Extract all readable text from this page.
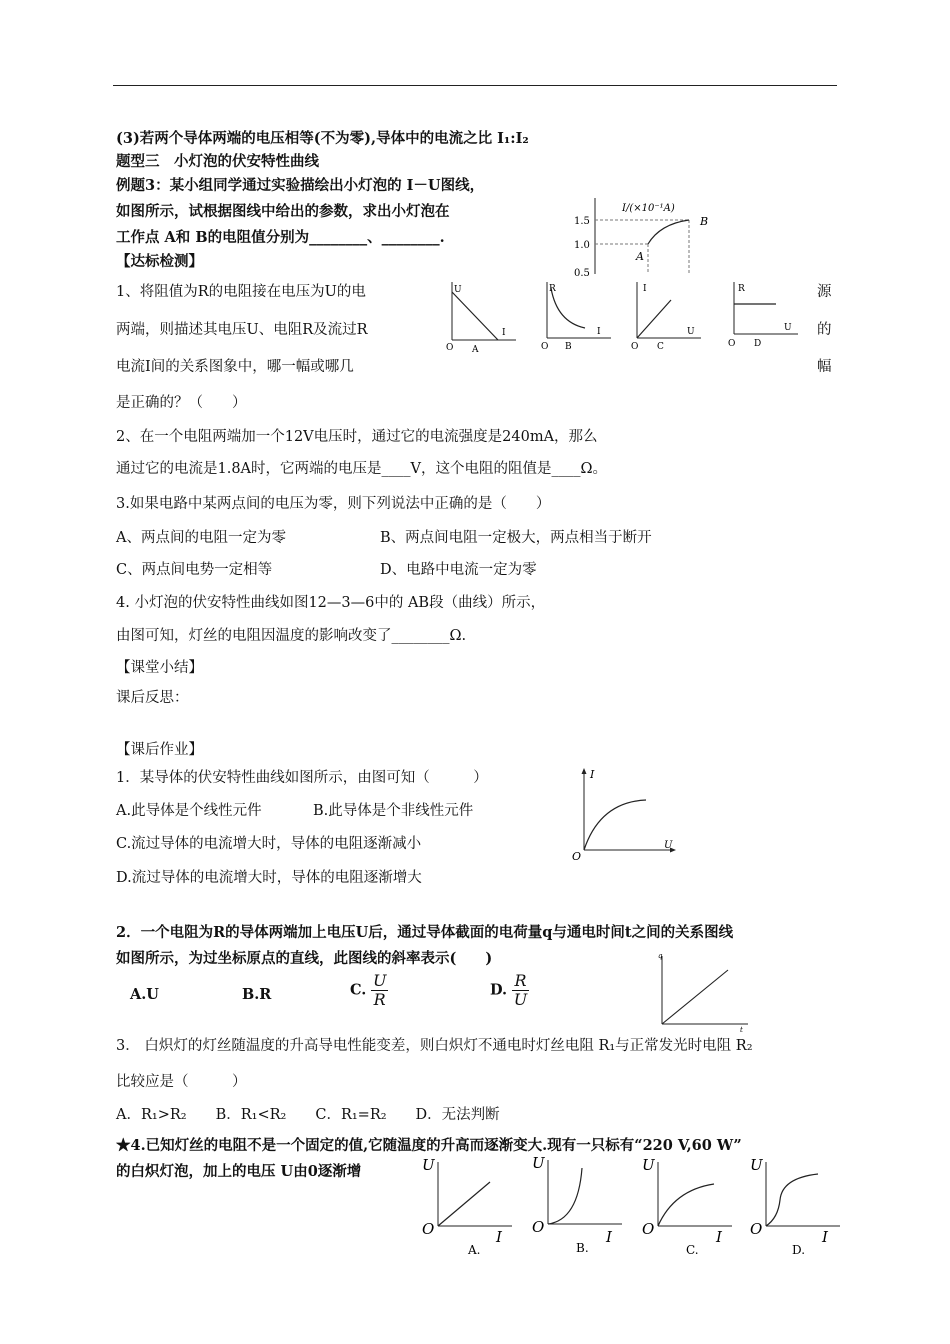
(3)若两个导体两端的电压相等(不为零),导体中的电流之比 I₁:I₂
题型三　小灯泡的伏安特性曲线
例题3：某小组同学通过实验描绘出小灯泡的 I－U图线，
如图所示，试根据图线中给出的参数，求出小灯泡在
工作点 A和 B的电阻值分别为________、________.
【达标检测】
I/(×10⁻¹A)
1.5
1.0
0.5
A
B
1、将阻值为R的电阻接在电压为U的电	源
两端，则描述其电压U、电阻R及流过R	的
电流I间的关系图象中，哪一幅或哪几	幅
是正确的？（　　）
U
I
O A
R
I
O B
I
U
O C
R
U
O D
2、在一个电阻两端加一个12V电压时，通过它的电流强度是240mA，那么
通过它的电流是1.8A时，它两端的电压是____V，这个电阻的阻值是____Ω。
3.如果电路中某两点间的电压为零，则下列说法中正确的是（　　）
A、两点间的电阻一定为零	B、两点间电阻一定极大，两点相当于断开
C、两点间电势一定相等	D、电路中电流一定为零
4. 小灯泡的伏安特性曲线如图12—3—6中的 AB段（曲线）所示，
由图可知，灯丝的电阻因温度的影响改变了________Ω.
【课堂小结】
课后反思：
【课后作业】
1．某导体的伏安特性曲线如图所示，由图可知（　　　）
A.此导体是个线性元件	B.此导体是个非线性元件
C.流过导体的电流增大时，导体的电阻逐渐减小
D.流过导体的电流增大时，导体的电阻逐渐增大
I
U
O
2．一个电阻为R的导体两端加上电压U后，通过导体截面的电荷量q与通电时间t之间的关系图线
如图所示，为过坐标原点的直线，此图线的斜率表示(　　)
A.U	B.R	C. $\frac{U}{R}$	D. $\frac{R}{U}$
q
t
3． 白炽灯的灯丝随温度的升高导电性能变差，则白炽灯不通电时灯丝电阻 R₁与正常发光时电阻 R₂
比较应是（　　　）
A．R₁>R₂　　B．R₁<R₂　　C．R₁=R₂　　D．无法判断
★4.已知灯丝的电阻不是一个固定的值,它随温度的升高而逐渐变大.现有一只标有“220 V,60 W”
的白炽灯泡，加上的电压 U由0逐渐增	U
O	I
A.
U
O
I
B.
U
O	I
C.
U
O	I
D.
